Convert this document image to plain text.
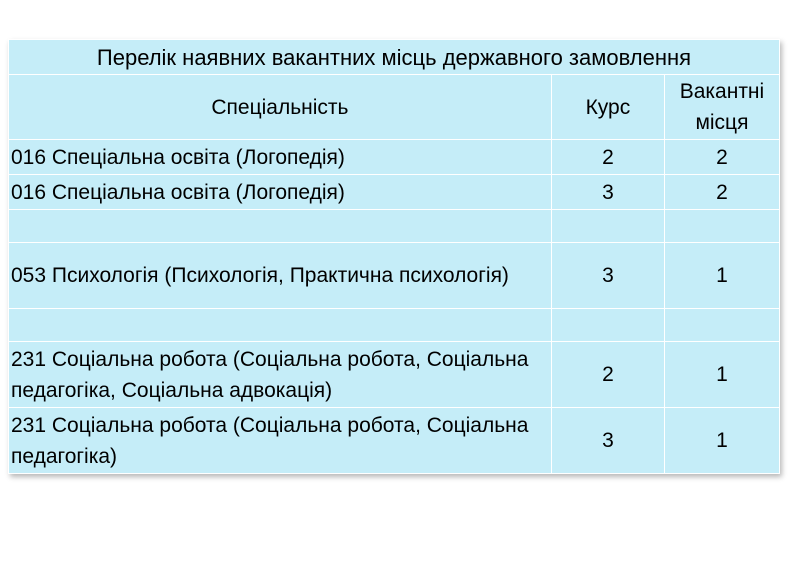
Перелік наявних вакантних місць державного замовлення		
Спеціальність	Курс	Вакантні місця
016 Спеціальна освіта (Логопедія)	2	2
016 Спеціальна освіта (Логопедія)	3	2

053 Психологія (Психологія, Практична психологія)	3	1

231 Соціальна робота (Соціальна робота, Соціальна педагогіка, Соціальна адвокація)	2	1
231 Соціальна робота (Соціальна робота, Соціальна педагогіка)	3	1
